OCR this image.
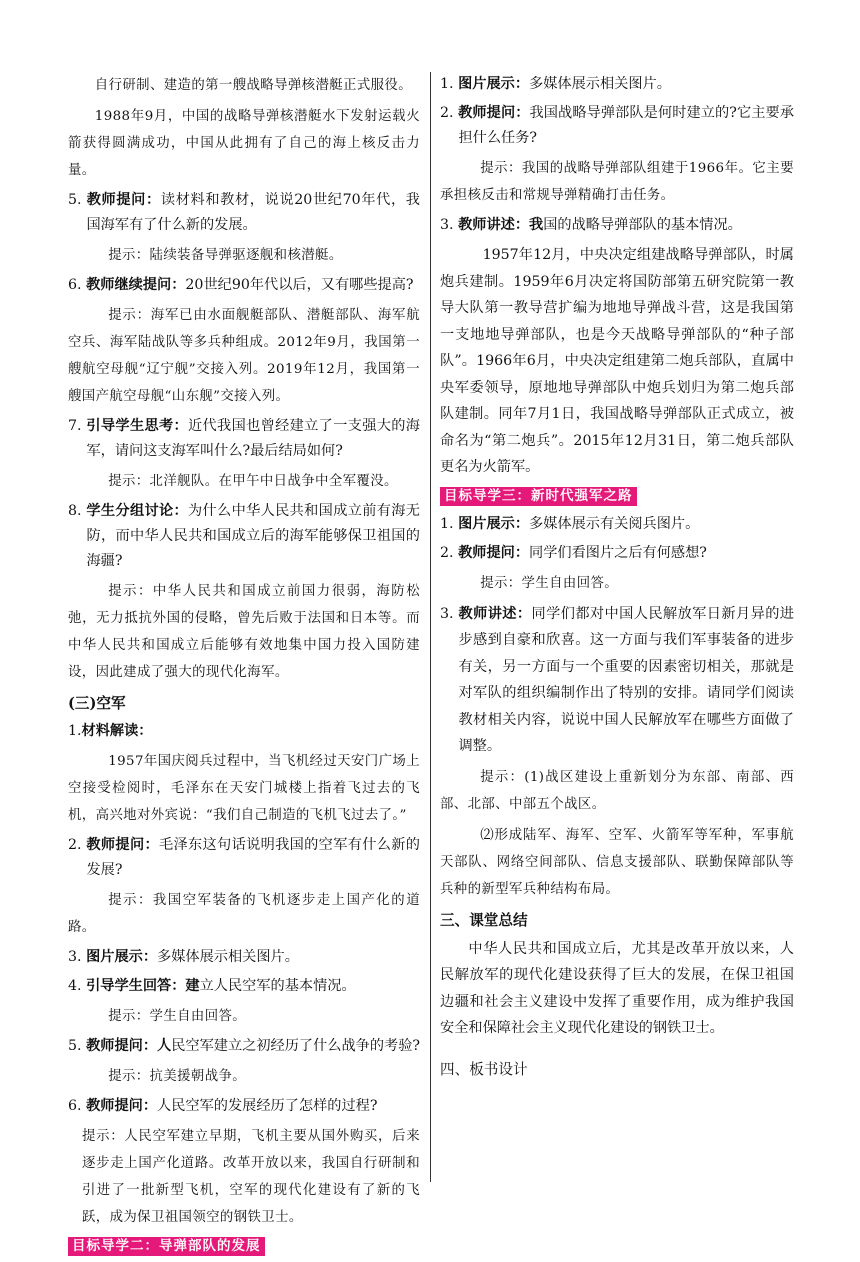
自行研制、建造的第一艘战略导弹核潜艇正式服役。

1988年9月，中国的战略导弹核潜艇水下发射运载火箭获得圆满成功，中国从此拥有了自己的海上核反击力量。

5. 教师提问：读材料和教材，说说20世纪70年代，我国海军有了什么新的发展。

提示：陆续装备导弹驱逐舰和核潜艇。

6. 教师继续提问：20世纪90年代以后，又有哪些提高?

提示：海军已由水面舰艇部队、潜艇部队、海军航空兵、海军陆战队等多兵种组成。2012年9月，我国第一艘航空母舰“辽宁舰”交接入列。2019年12月，我国第一艘国产航空母舰“山东舰”交接入列。

7. 引导学生思考：近代我国也曾经建立了一支强大的海军，请问这支海军叫什么?最后结局如何?

提示：北洋舰队。在甲午中日战争中全军覆没。

8. 学生分组讨论：为什么中华人民共和国成立前有海无防，而中华人民共和国成立后的海军能够保卫祖国的海疆?

提示：中华人民共和国成立前国力很弱，海防松弛，无力抵抗外国的侵略，曾先后败于法国和日本等。而中华人民共和国成立后能够有效地集中国力投入国防建设，因此建成了强大的现代化海军。

(三)空军

1.材料解读：

1957年国庆阅兵过程中，当飞机经过天安门广场上空接受检阅时，毛泽东在天安门城楼上指着飞过去的飞机，高兴地对外宾说：“我们自己制造的飞机飞过去了。”

2. 教师提问：毛泽东这句话说明我国的空军有什么新的发展?

提示：我国空军装备的飞机逐步走上国产化的道路。

3. 图片展示：多媒体展示相关图片。

4. 引导学生回答：建立人民空军的基本情况。

提示：学生自由回答。

5. 教师提问：人民空军建立之初经历了什么战争的考验?

提示：抗美援朝战争。

6. 教师提问：人民空军的发展经历了怎样的过程?

提示：人民空军建立早期，飞机主要从国外购买，后来逐步走上国产化道路。改革开放以来，我国自行研制和引进了一批新型飞机，空军的现代化建设有了新的飞跃，成为保卫祖国领空的钢铁卫士。

目标导学二：导弹部队的发展

1. 图片展示：多媒体展示相关图片。

2. 教师提问：我国战略导弹部队是何时建立的?它主要承担什么任务?

提示：我国的战略导弹部队组建于1966年。它主要承担核反击和常规导弹精确打击任务。

3. 教师讲述：我国的战略导弹部队的基本情况。

1957年12月，中央决定组建战略导弹部队，时属炮兵建制。1959年6月决定将国防部第五研究院第一教导大队第一教导营扩编为地地导弹战斗营，这是我国第一支地地导弹部队，也是今天战略导弹部队的“种子部队”。1966年6月，中央决定组建第二炮兵部队，直属中央军委领导，原地地导弹部队中炮兵划归为第二炮兵部队建制。同年7月1日，我国战略导弹部队正式成立，被命名为“第二炮兵”。2015年12月31日，第二炮兵部队更名为火箭军。

目标导学三：新时代强军之路

1. 图片展示：多媒体展示有关阅兵图片。

2. 教师提问：同学们看图片之后有何感想?

提示：学生自由回答。

3. 教师讲述：同学们都对中国人民解放军日新月异的进步感到自豪和欣喜。这一方面与我们军事装备的进步有关，另一方面与一个重要的因素密切相关，那就是对军队的组织编制作出了特别的安排。请同学们阅读教材相关内容，说说中国人民解放军在哪些方面做了调整。

提示：(1)战区建设上重新划分为东部、南部、西部、北部、中部五个战区。

⑵形成陆军、海军、空军、火箭军等军种，军事航天部队、网络空间部队、信息支援部队、联勤保障部队等兵种的新型军兵种结构布局。

三、课堂总结

中华人民共和国成立后，尤其是改革开放以来，人民解放军的现代化建设获得了巨大的发展，在保卫祖国边疆和社会主义建设中发挥了重要作用，成为维护我国安全和保障社会主义现代化建设的钢铁卫士。

四、板书设计
